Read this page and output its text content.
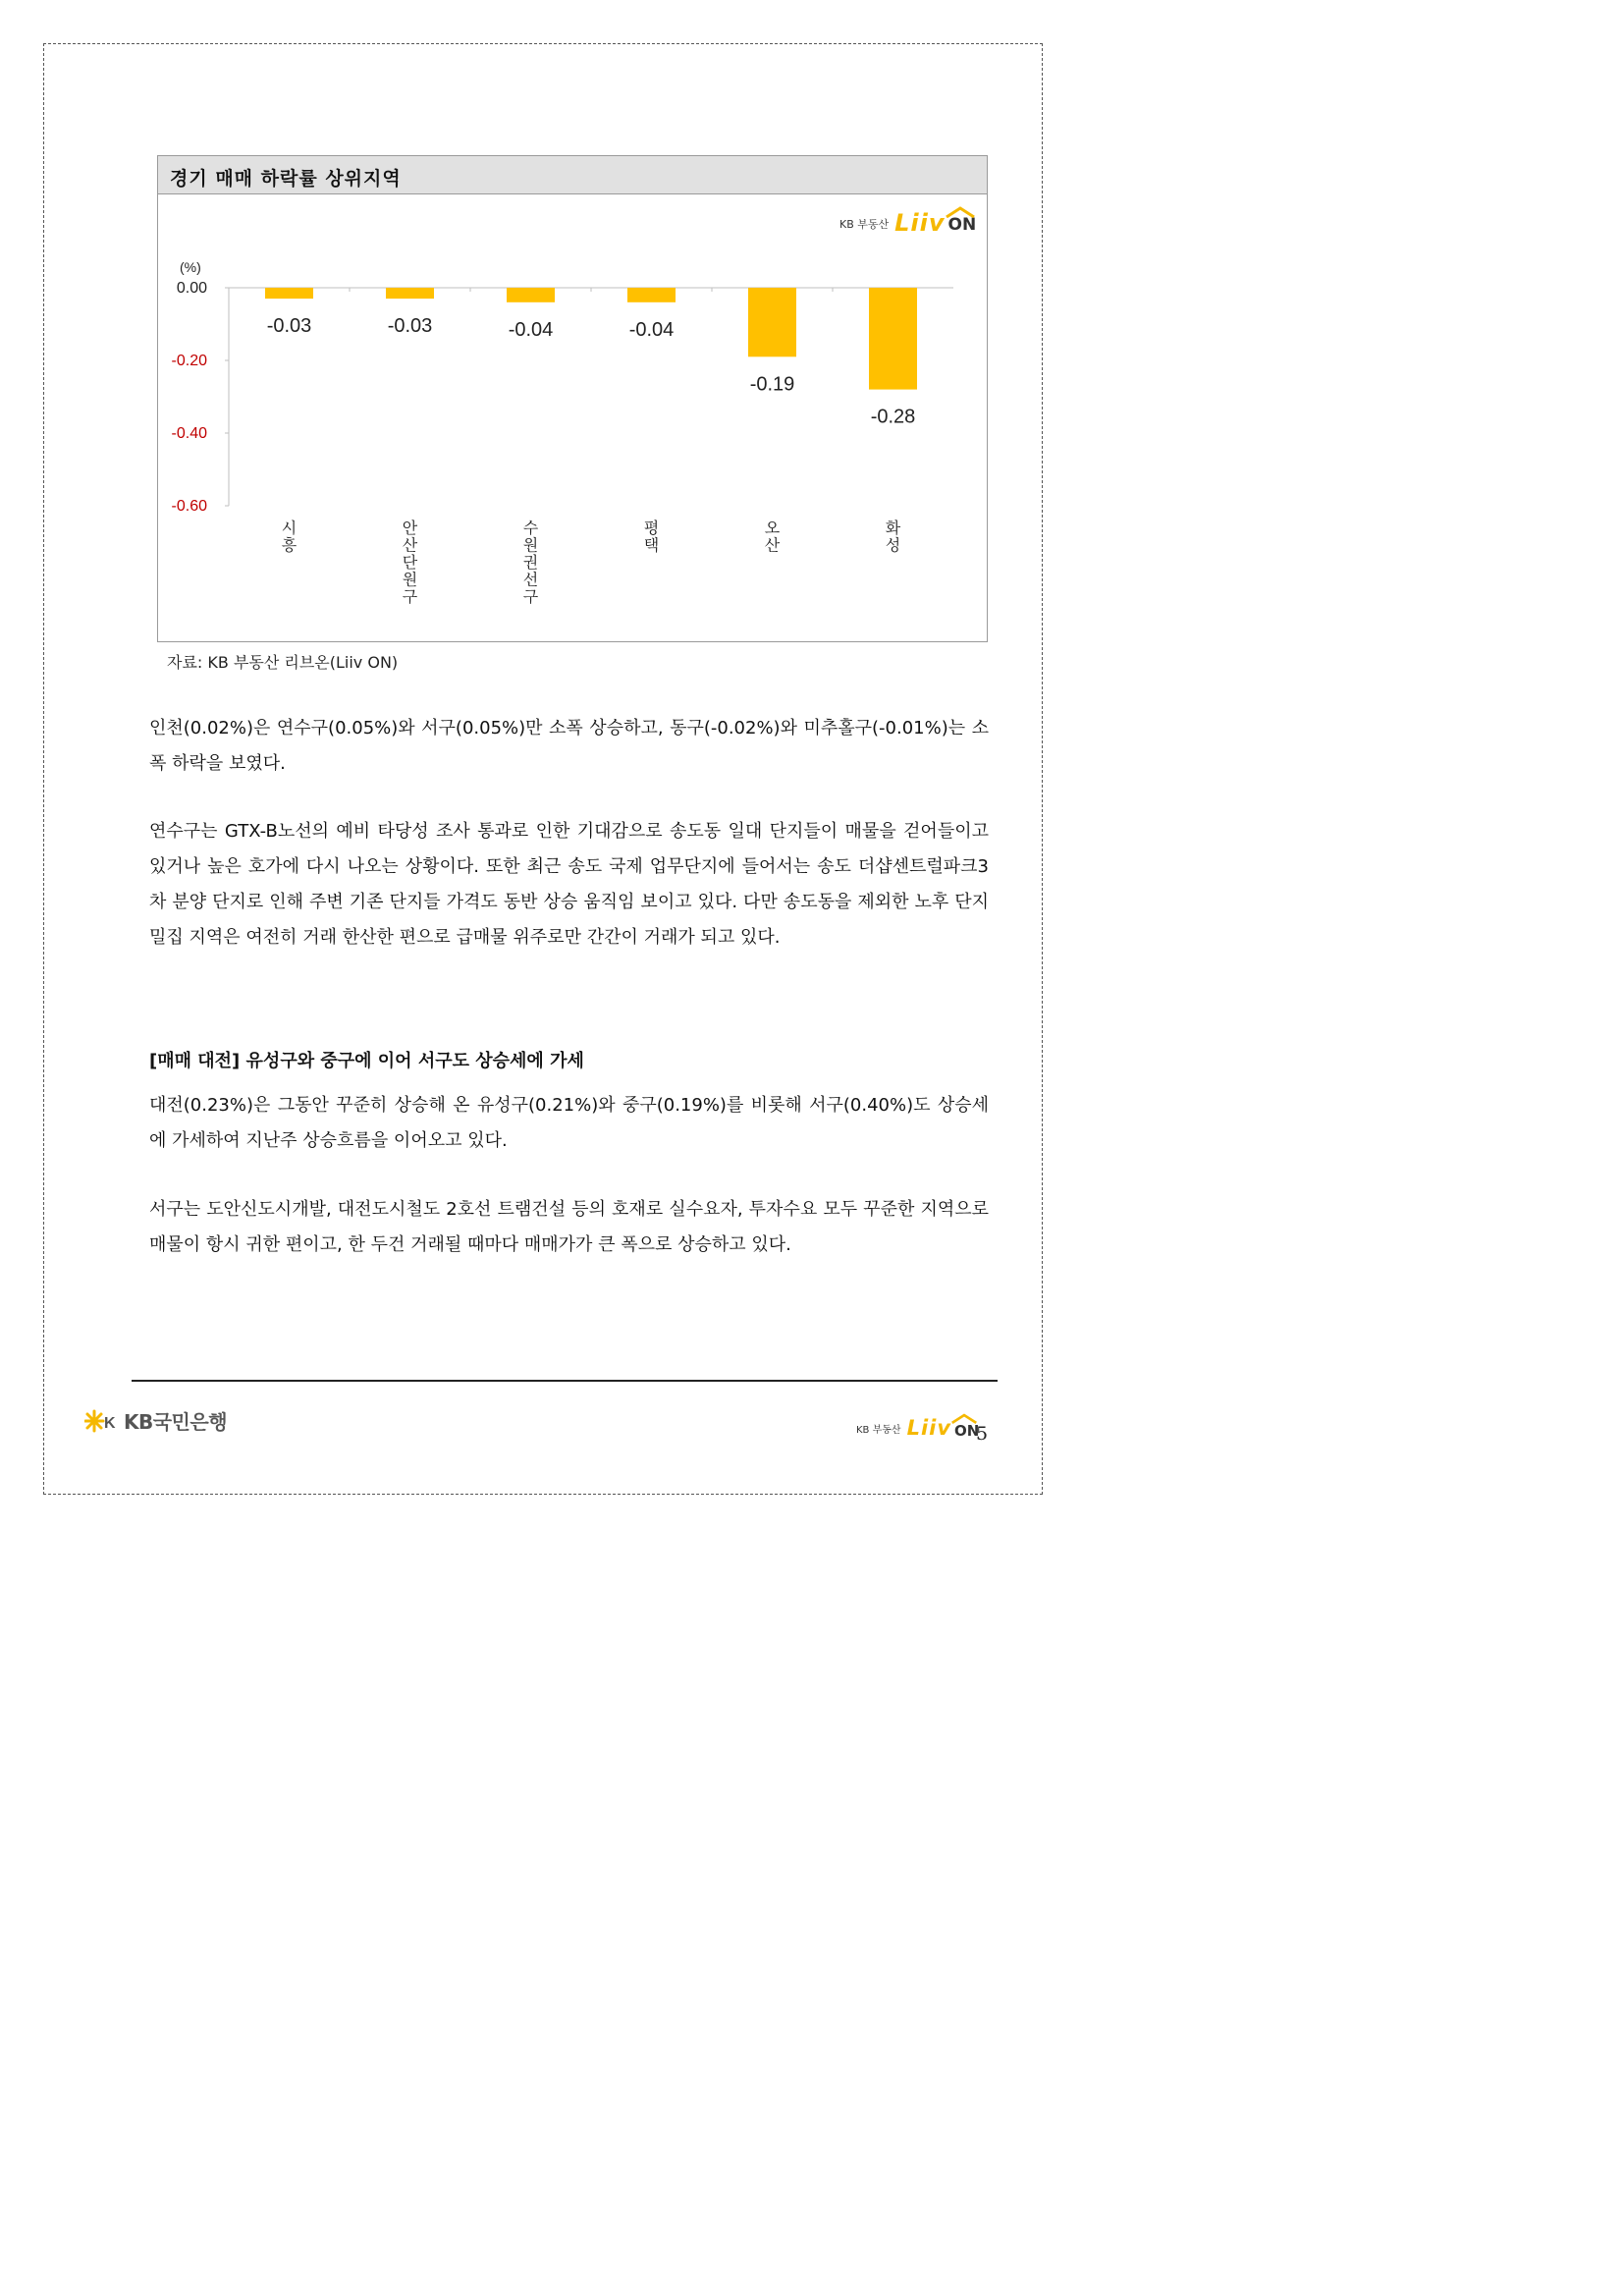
경기 매매 하락률 상위지역
KB 부동산 Liiv ON
(%)
0.00
-0.20
-0.40
-0.60
-0.03
시 흥
-0.03
안 산 단 원 구
-0.04
수 원 권 선 구
-0.04
평 택
-0.19
오 산
-0.28
화 성
자료: KB 부동산 리브온(Liiv ON)

인천(0.02%)은 연수구(0.05%)와 서구(0.05%)만 소폭 상승하고, 동구(-0.02%)와 미추홀구(-0.01%)는 소폭 하락을 보였다.

연수구는 GTX-B노선의 예비 타당성 조사 통과로 인한 기대감으로 송도동 일대 단지들이 매물을 걷어들이고 있거나 높은 호가에 다시 나오는 상황이다. 또한 최근 송도 국제 업무단지에 들어서는 송도 더샵센트럴파크3차 분양 단지로 인해 주변 기존 단지들 가격도 동반 상승 움직임 보이고 있다. 다만 송도동을 제외한 노후 단지 밀집 지역은 여전히 거래 한산한 편으로 급매물 위주로만 간간이 거래가 되고 있다.

[매매 대전] 유성구와 중구에 이어 서구도 상승세에 가세

대전(0.23%)은 그동안 꾸준히 상승해 온 유성구(0.21%)와 중구(0.19%)를 비롯해 서구(0.40%)도 상승세에 가세하여 지난주 상승흐름을 이어오고 있다.

서구는 도안신도시개발, 대전도시철도 2호선 트램건설 등의 호재로 실수요자, 투자수요 모두 꾸준한 지역으로 매물이 항시 귀한 편이고, 한 두건 거래될 때마다 매매가가 큰 폭으로 상승하고 있다.

K KB국민은행	KB 부동산 Liiv ON
5
